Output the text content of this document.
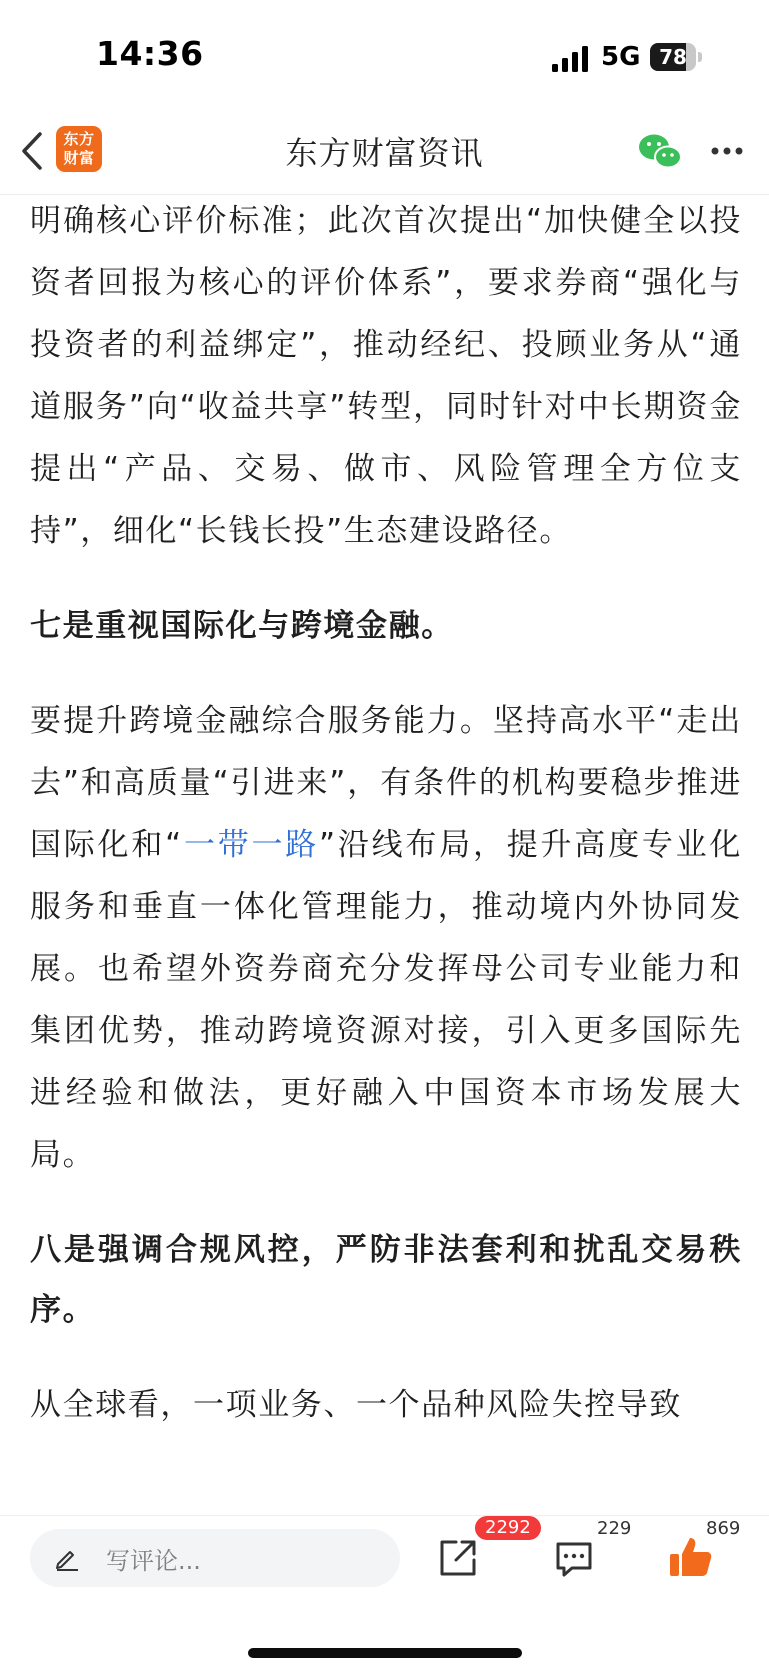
14:36	5G 78
东方
财富	东方财富资讯

明确核心评价标准；此次首次提出“加快健全以投资者回报为核心的评价体系”，要求券商“强化与投资者的利益绑定”，推动经纪、投顾业务从“通道服务”向“收益共享”转型，同时针对中长期资金提出“产品、交易、做市、风险管理全方位支持”，细化“长钱长投”生态建设路径。

七是重视国际化与跨境金融。

要提升跨境金融综合服务能力。坚持高水平“走出去”和高质量“引进来”，有条件的机构要稳步推进国际化和“一带一路”沿线布局，提升高度专业化服务和垂直一体化管理能力，推动境内外协同发展。也希望外资券商充分发挥母公司专业能力和集团优势，推动跨境资源对接，引入更多国际先进经验和做法，更好融入中国资本市场发展大局。

八是强调合规风控，严防非法套利和扰乱交易秩序。

从全球看，一项业务、一个品种风险失控导致

写评论...
2292	229	869
